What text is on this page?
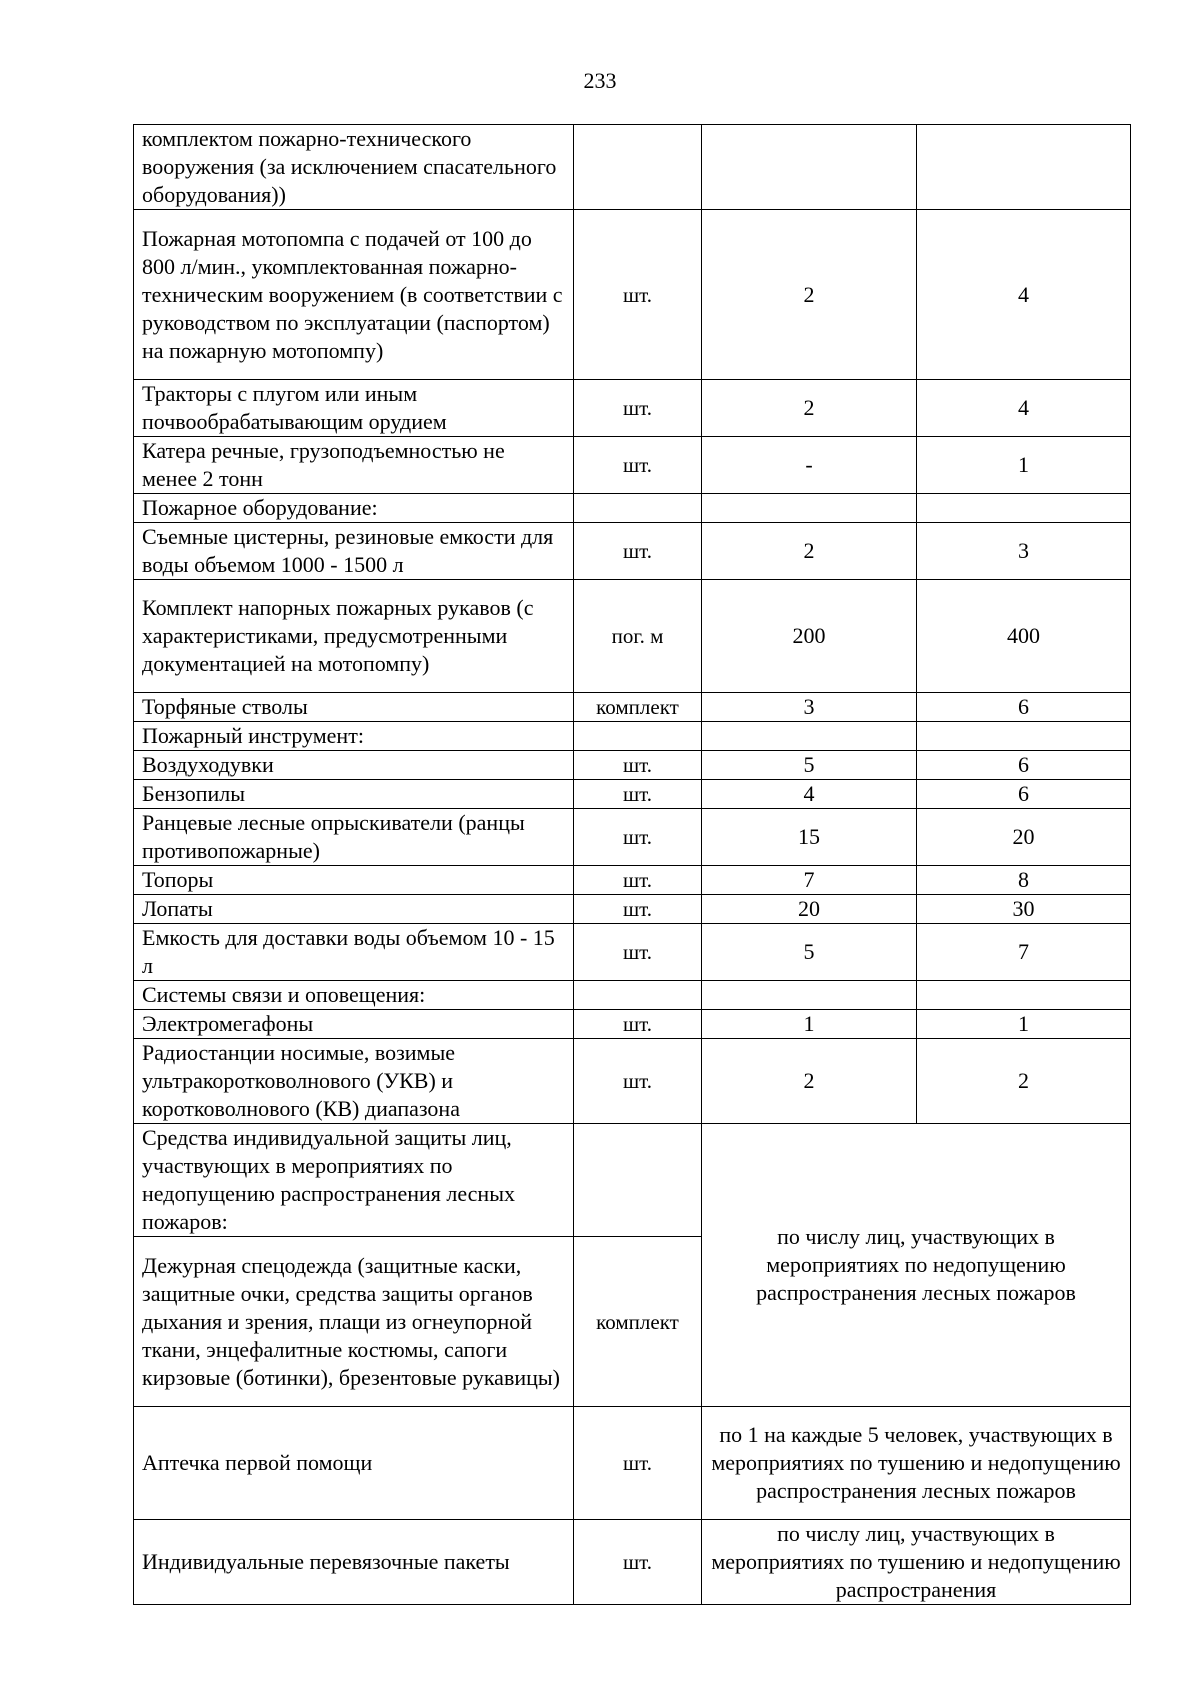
233
комплектом пожарно-технического вооружения (за исключением спасательного оборудования))			
Пожарная мотопомпа с подачей от 100 до 800 л/мин., укомплектованная пожарно-техническим вооружением (в соответствии с руководством по эксплуатации (паспортом) на пожарную мотопомпу)	шт.	2	4
Тракторы с плугом или иным почвообрабатывающим орудием	шт.	2	4
Катера речные, грузоподъемностью не менее 2 тонн	шт.	-	1
Пожарное оборудование:			
Съемные цистерны, резиновые емкости для воды объемом 1000 - 1500 л	шт.	2	3
Комплект напорных пожарных рукавов (с характеристиками, предусмотренными документацией на мотопомпу)	пог. м	200	400
Торфяные стволы	комплект	3	6
Пожарный инструмент:			
Воздуходувки	шт.	5	6
Бензопилы	шт.	4	6
Ранцевые лесные опрыскиватели (ранцы противопожарные)	шт.	15	20
Топоры	шт.	7	8
Лопаты	шт.	20	30
Емкость для доставки воды объемом 10 - 15 л	шт.	5	7
Системы связи и оповещения:			
Электромегафоны	шт.	1	1
Радиостанции носимые, возимые ультракоротковолнового (УКВ) и коротковолнового (КВ) диапазона	шт.	2	2
Средства индивидуальной защиты лиц, участвующих в мероприятиях по недопущению распространения лесных пожаров:		по числу лиц, участвующих в мероприятиях по недопущению распространения лесных пожаров	
Дежурная спецодежда (защитные каски, защитные очки, средства защиты органов дыхания и зрения, плащи из огнеупорной ткани, энцефалитные костюмы, сапоги кирзовые (ботинки), брезентовые рукавицы)	комплект		
Аптечка первой помощи	шт.	по 1 на каждые 5 человек, участвующих в мероприятиях по тушению и недопущению распространения лесных пожаров	
Индивидуальные перевязочные пакеты	шт.	по числу лиц, участвующих в мероприятиях по тушению и недопущению распространения	
